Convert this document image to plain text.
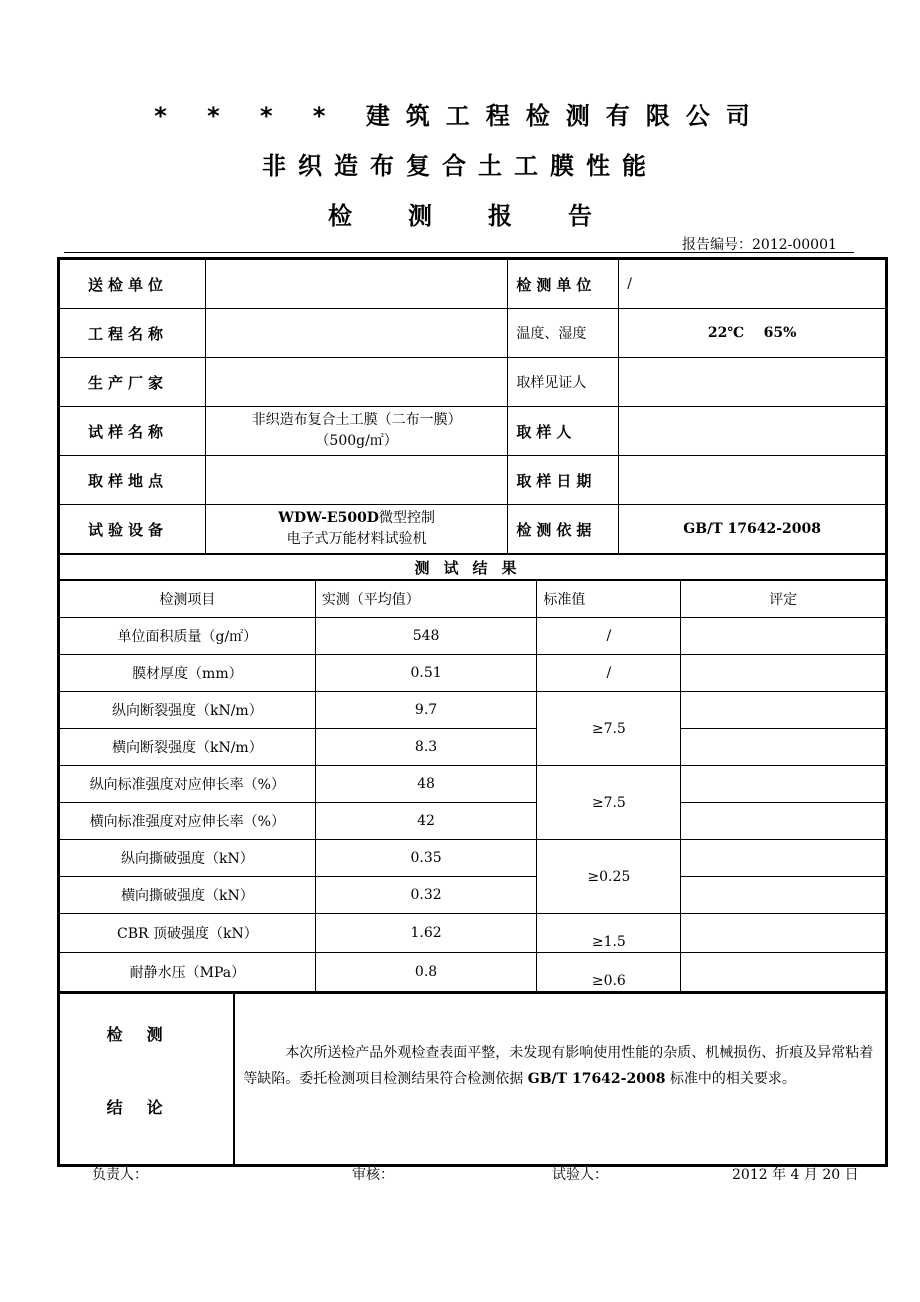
* * * * 建筑工程检测有限公司
非织造布复合土工膜性能
检 测 报 告
报告编号：2012-00001
送检单位		检测单位	/
工程名称		温度、湿度	22℃    65%
生产厂家		取样见证人	
试样名称	非织造布复合土工膜（二布一膜）
（500g/㎡）	取样人	
取样地点		取样日期	
试验设备	WDW-E500D微型控制
电子式万能材料试验机	检测依据	GB/T 17642-2008
测试结果
检测项目	实测（平均值）	标准值	评定
单位面积质量（g/㎡）	548	/	
膜材厚度（mm）	0.51	/	
纵向断裂强度（kN/m）	9.7	≥7.5	
横向断裂强度（kN/m）	8.3		
纵向标准强度对应伸长率（%）	48	≥7.5	
横向标准强度对应伸长率（%）	42		
纵向撕破强度（kN）	0.35	≥0.25	
横向撕破强度（kN）	0.32		
CBR 顶破强度（kN）	1.62	≥1.5	
耐静水压（MPa）	0.8	≥0.6	
检测
结论

本次所送检产品外观检查表面平整，未发现有影响使用性能的杂质、机械损伤、折痕及异常粘着等缺陷。委托检测项目检测结果符合检测依据 GB/T 17642-2008 标准中的相关要求。
负责人：	审核：	试验人：	2012 年 4 月 20 日
